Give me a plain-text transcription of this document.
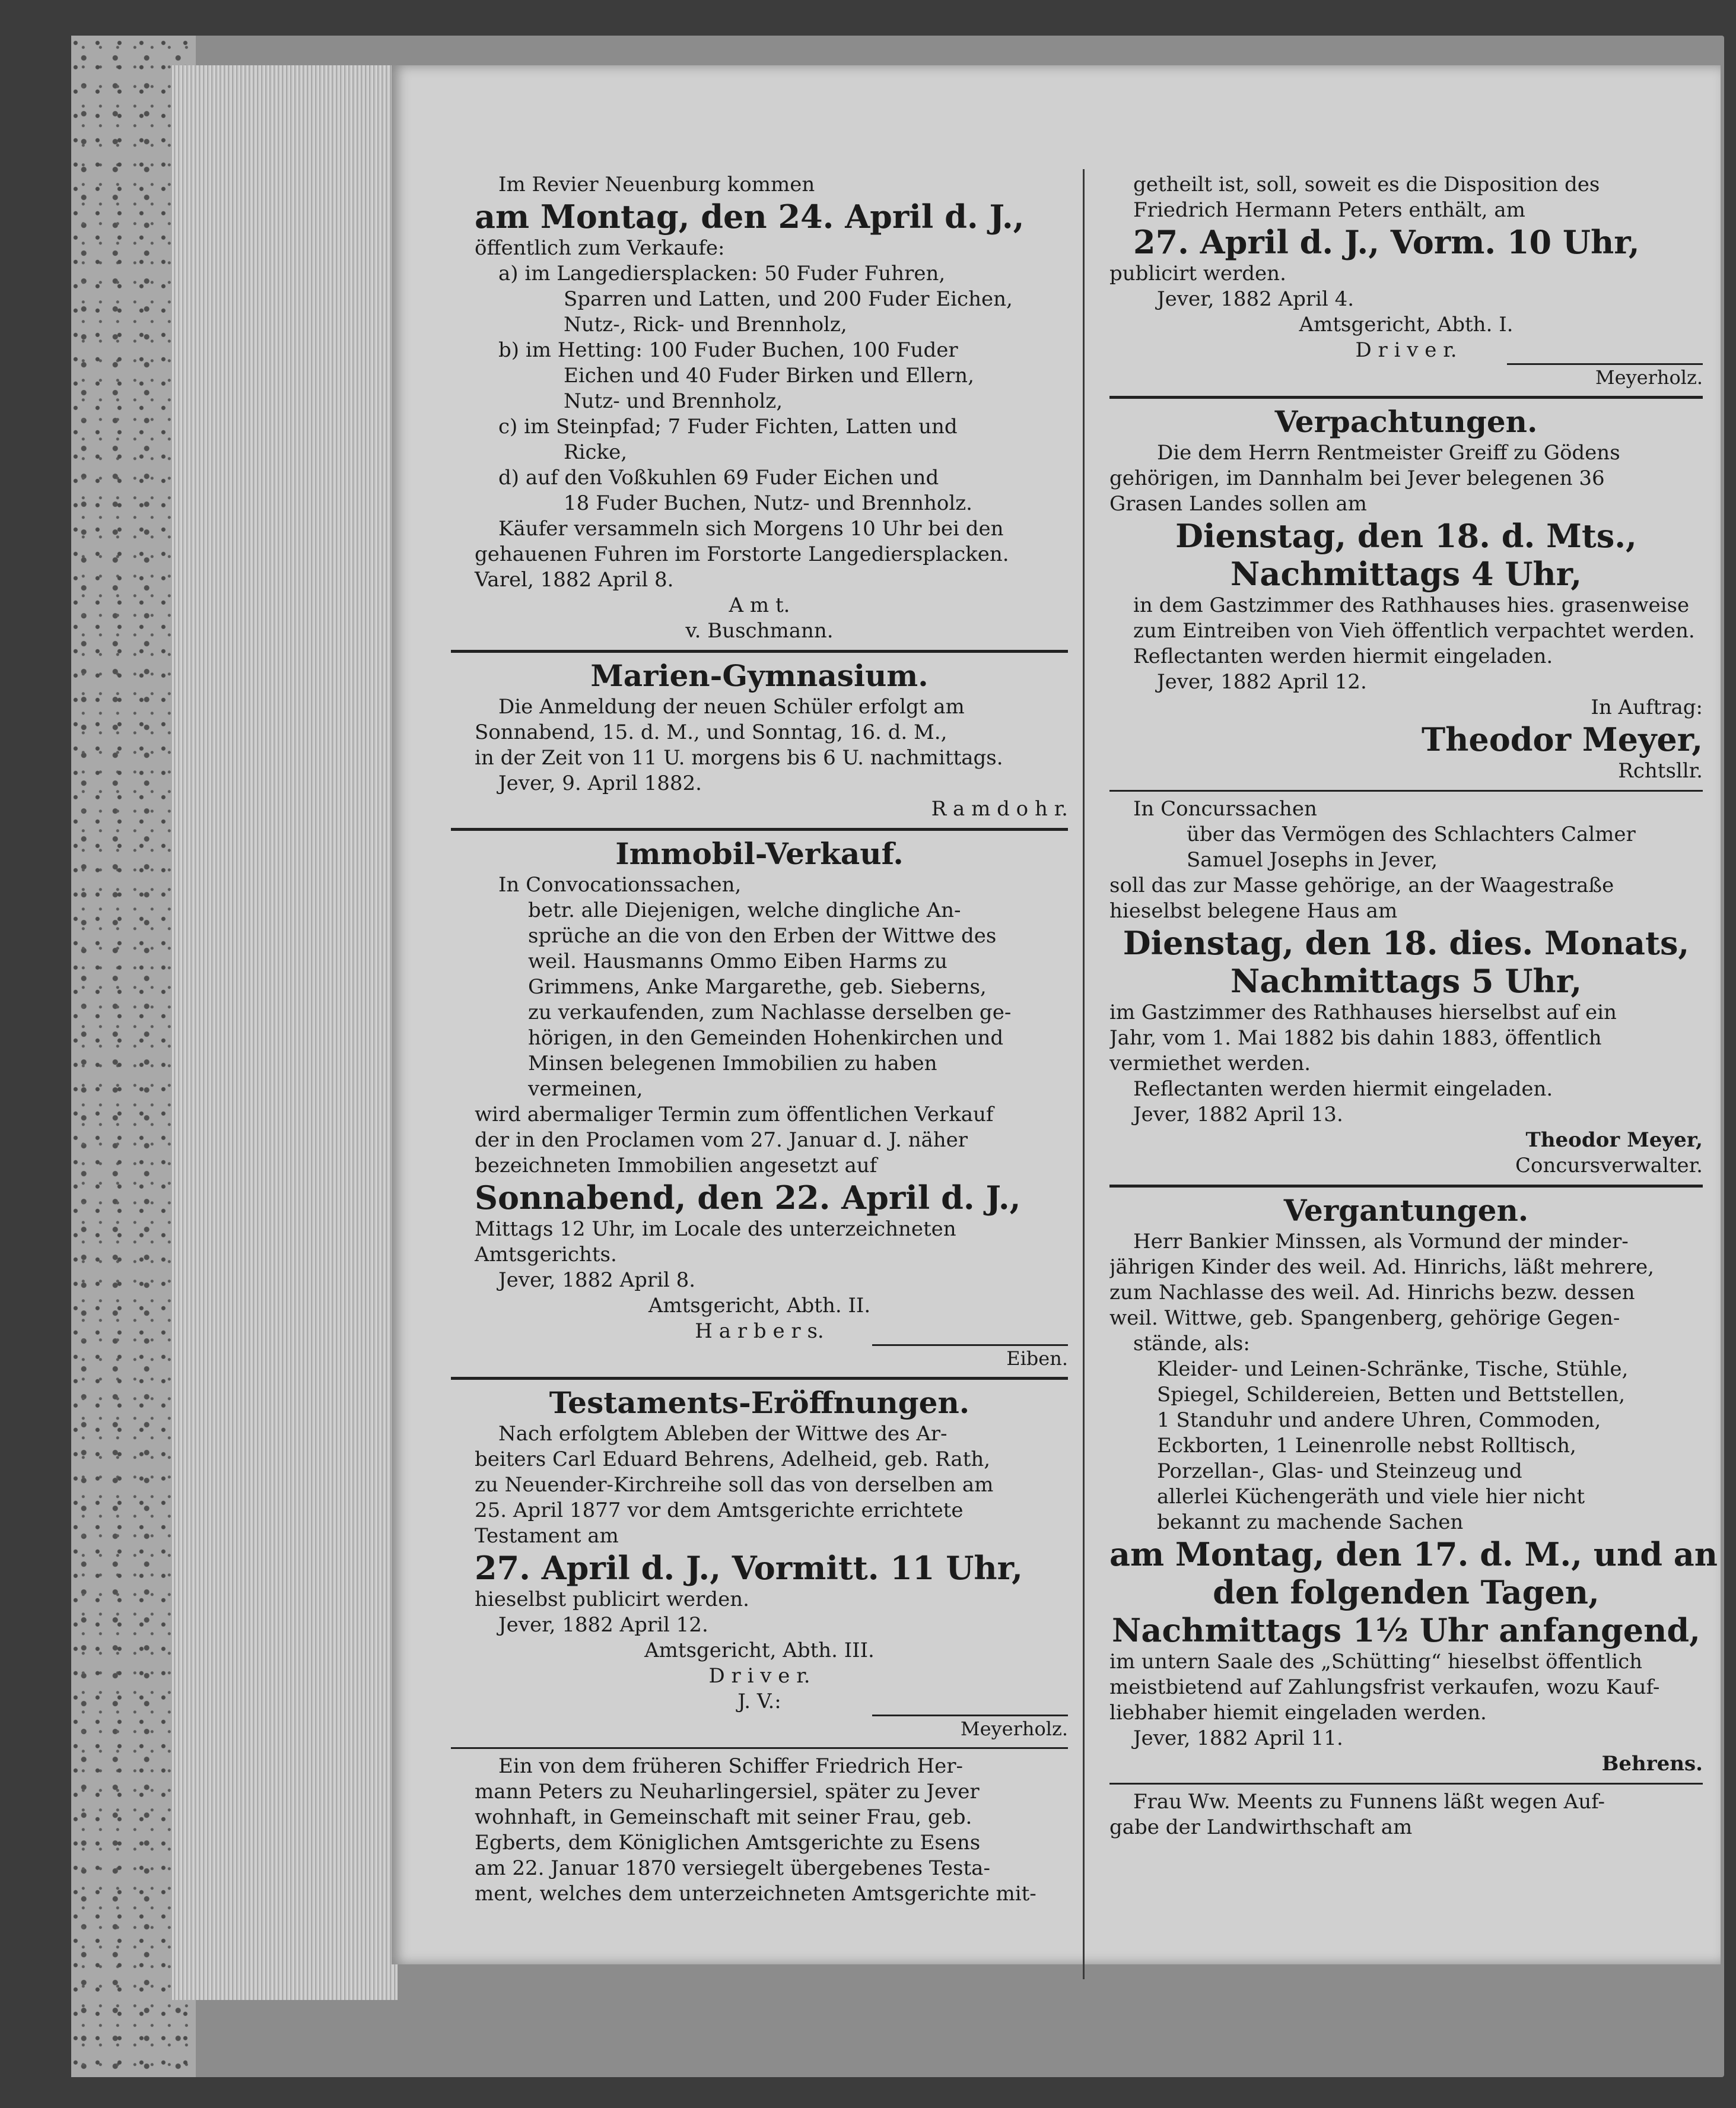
Im Revier Neuenburg kommen
am Montag, den 24. April d. J.,
öffentlich zum Verkaufe:
a) im Langediersplacken: 50 Fuder Fuhren,
Sparren und Latten, und 200 Fuder Eichen,
Nutz-, Rick- und Brennholz,
b) im Hetting: 100 Fuder Buchen, 100 Fuder
Eichen und 40 Fuder Birken und Ellern,
Nutz- und Brennholz,
c) im Steinpfad; 7 Fuder Fichten, Latten und
Ricke,
d) auf den Voßkuhlen 69 Fuder Eichen und
18 Fuder Buchen, Nutz- und Brennholz.
Käufer versammeln sich Morgens 10 Uhr bei den
gehauenen Fuhren im Forstorte Langediersplacken.
Varel, 1882 April 8.
A m t.
v. Buschmann.
Marien-Gymnasium.
Die Anmeldung der neuen Schüler erfolgt am
Sonnabend, 15. d. M., und Sonntag, 16. d. M.,
in der Zeit von 11 U. morgens bis 6 U. nachmittags.
Jever, 9. April 1882.
R a m d o h r.
Immobil-Verkauf.
In Convocationssachen,
betr. alle Diejenigen, welche dingliche An-
sprüche an die von den Erben der Wittwe des
weil. Hausmanns Ommo Eiben Harms zu
Grimmens, Anke Margarethe, geb. Sieberns,
zu verkaufenden, zum Nachlasse derselben ge-
hörigen, in den Gemeinden Hohenkirchen und
Minsen belegenen Immobilien zu haben
vermeinen,
wird abermaliger Termin zum öffentlichen Verkauf
der in den Proclamen vom 27. Januar d. J. näher
bezeichneten Immobilien angesetzt auf
Sonnabend, den 22. April d. J.,
Mittags 12 Uhr, im Locale des unterzeichneten
Amtsgerichts.
Jever, 1882 April 8.
Amtsgericht, Abth. II.
H a r b e r s.
Eiben.
Testaments-Eröffnungen.
Nach erfolgtem Ableben der Wittwe des Ar-
beiters Carl Eduard Behrens, Adelheid, geb. Rath,
zu Neuender-Kirchreihe soll das von derselben am
25. April 1877 vor dem Amtsgerichte errichtete
Testament am
27. April d. J., Vormitt. 11 Uhr,
hieselbst publicirt werden.
Jever, 1882 April 12.
Amtsgericht, Abth. III.
D r i v e r.
J. V.:
Meyerholz.
Ein von dem früheren Schiffer Friedrich Her-
mann Peters zu Neuharlingersiel, später zu Jever
wohnhaft, in Gemeinschaft mit seiner Frau, geb.
Egberts, dem Königlichen Amtsgerichte zu Esens
am 22. Januar 1870 versiegelt übergebenes Testa-
ment, welches dem unterzeichneten Amtsgerichte mit-
getheilt ist, soll, soweit es die Disposition des
Friedrich Hermann Peters enthält, am
27. April d. J., Vorm. 10 Uhr,
publicirt werden.
Jever, 1882 April 4.
Amtsgericht, Abth. I.
D r i v e r.
Meyerholz.
Verpachtungen.
Die dem Herrn Rentmeister Greiff zu Gödens
gehörigen, im Dannhalm bei Jever belegenen 36
Grasen Landes sollen am
Dienstag, den 18. d. Mts.,
Nachmittags 4 Uhr,
in dem Gastzimmer des Rathhauses hies. grasenweise
zum Eintreiben von Vieh öffentlich verpachtet werden.
Reflectanten werden hiermit eingeladen.
Jever, 1882 April 12.
In Auftrag:
Theodor Meyer,
Rchtsllr.
In Concurssachen
über das Vermögen des Schlachters Calmer
Samuel Josephs in Jever,
soll das zur Masse gehörige, an der Waagestraße
hieselbst belegene Haus am
Dienstag, den 18. dies. Monats,
Nachmittags 5 Uhr,
im Gastzimmer des Rathhauses hierselbst auf ein
Jahr, vom 1. Mai 1882 bis dahin 1883, öffentlich
vermiethet werden.
Reflectanten werden hiermit eingeladen.
Jever, 1882 April 13.
Theodor Meyer,
Concursverwalter.
Vergantungen.
Herr Bankier Minssen, als Vormund der minder-
jährigen Kinder des weil. Ad. Hinrichs, läßt mehrere,
zum Nachlasse des weil. Ad. Hinrichs bezw. dessen
weil. Wittwe, geb. Spangenberg, gehörige Gegen-
stände, als:
Kleider- und Leinen-Schränke, Tische, Stühle,
Spiegel, Schildereien, Betten und Bettstellen,
1 Standuhr und andere Uhren, Commoden,
Eckborten, 1 Leinenrolle nebst Rolltisch,
Porzellan-, Glas- und Steinzeug und
allerlei Küchengeräth und viele hier nicht
bekannt zu machende Sachen
am Montag, den 17. d. M., und an
den folgenden Tagen,
Nachmittags 1½ Uhr anfangend,
im untern Saale des „Schütting“ hieselbst öffentlich
meistbietend auf Zahlungsfrist verkaufen, wozu Kauf-
liebhaber hiemit eingeladen werden.
Jever, 1882 April 11.
Behrens.
Frau Ww. Meents zu Funnens läßt wegen Auf-
gabe der Landwirthschaft am
